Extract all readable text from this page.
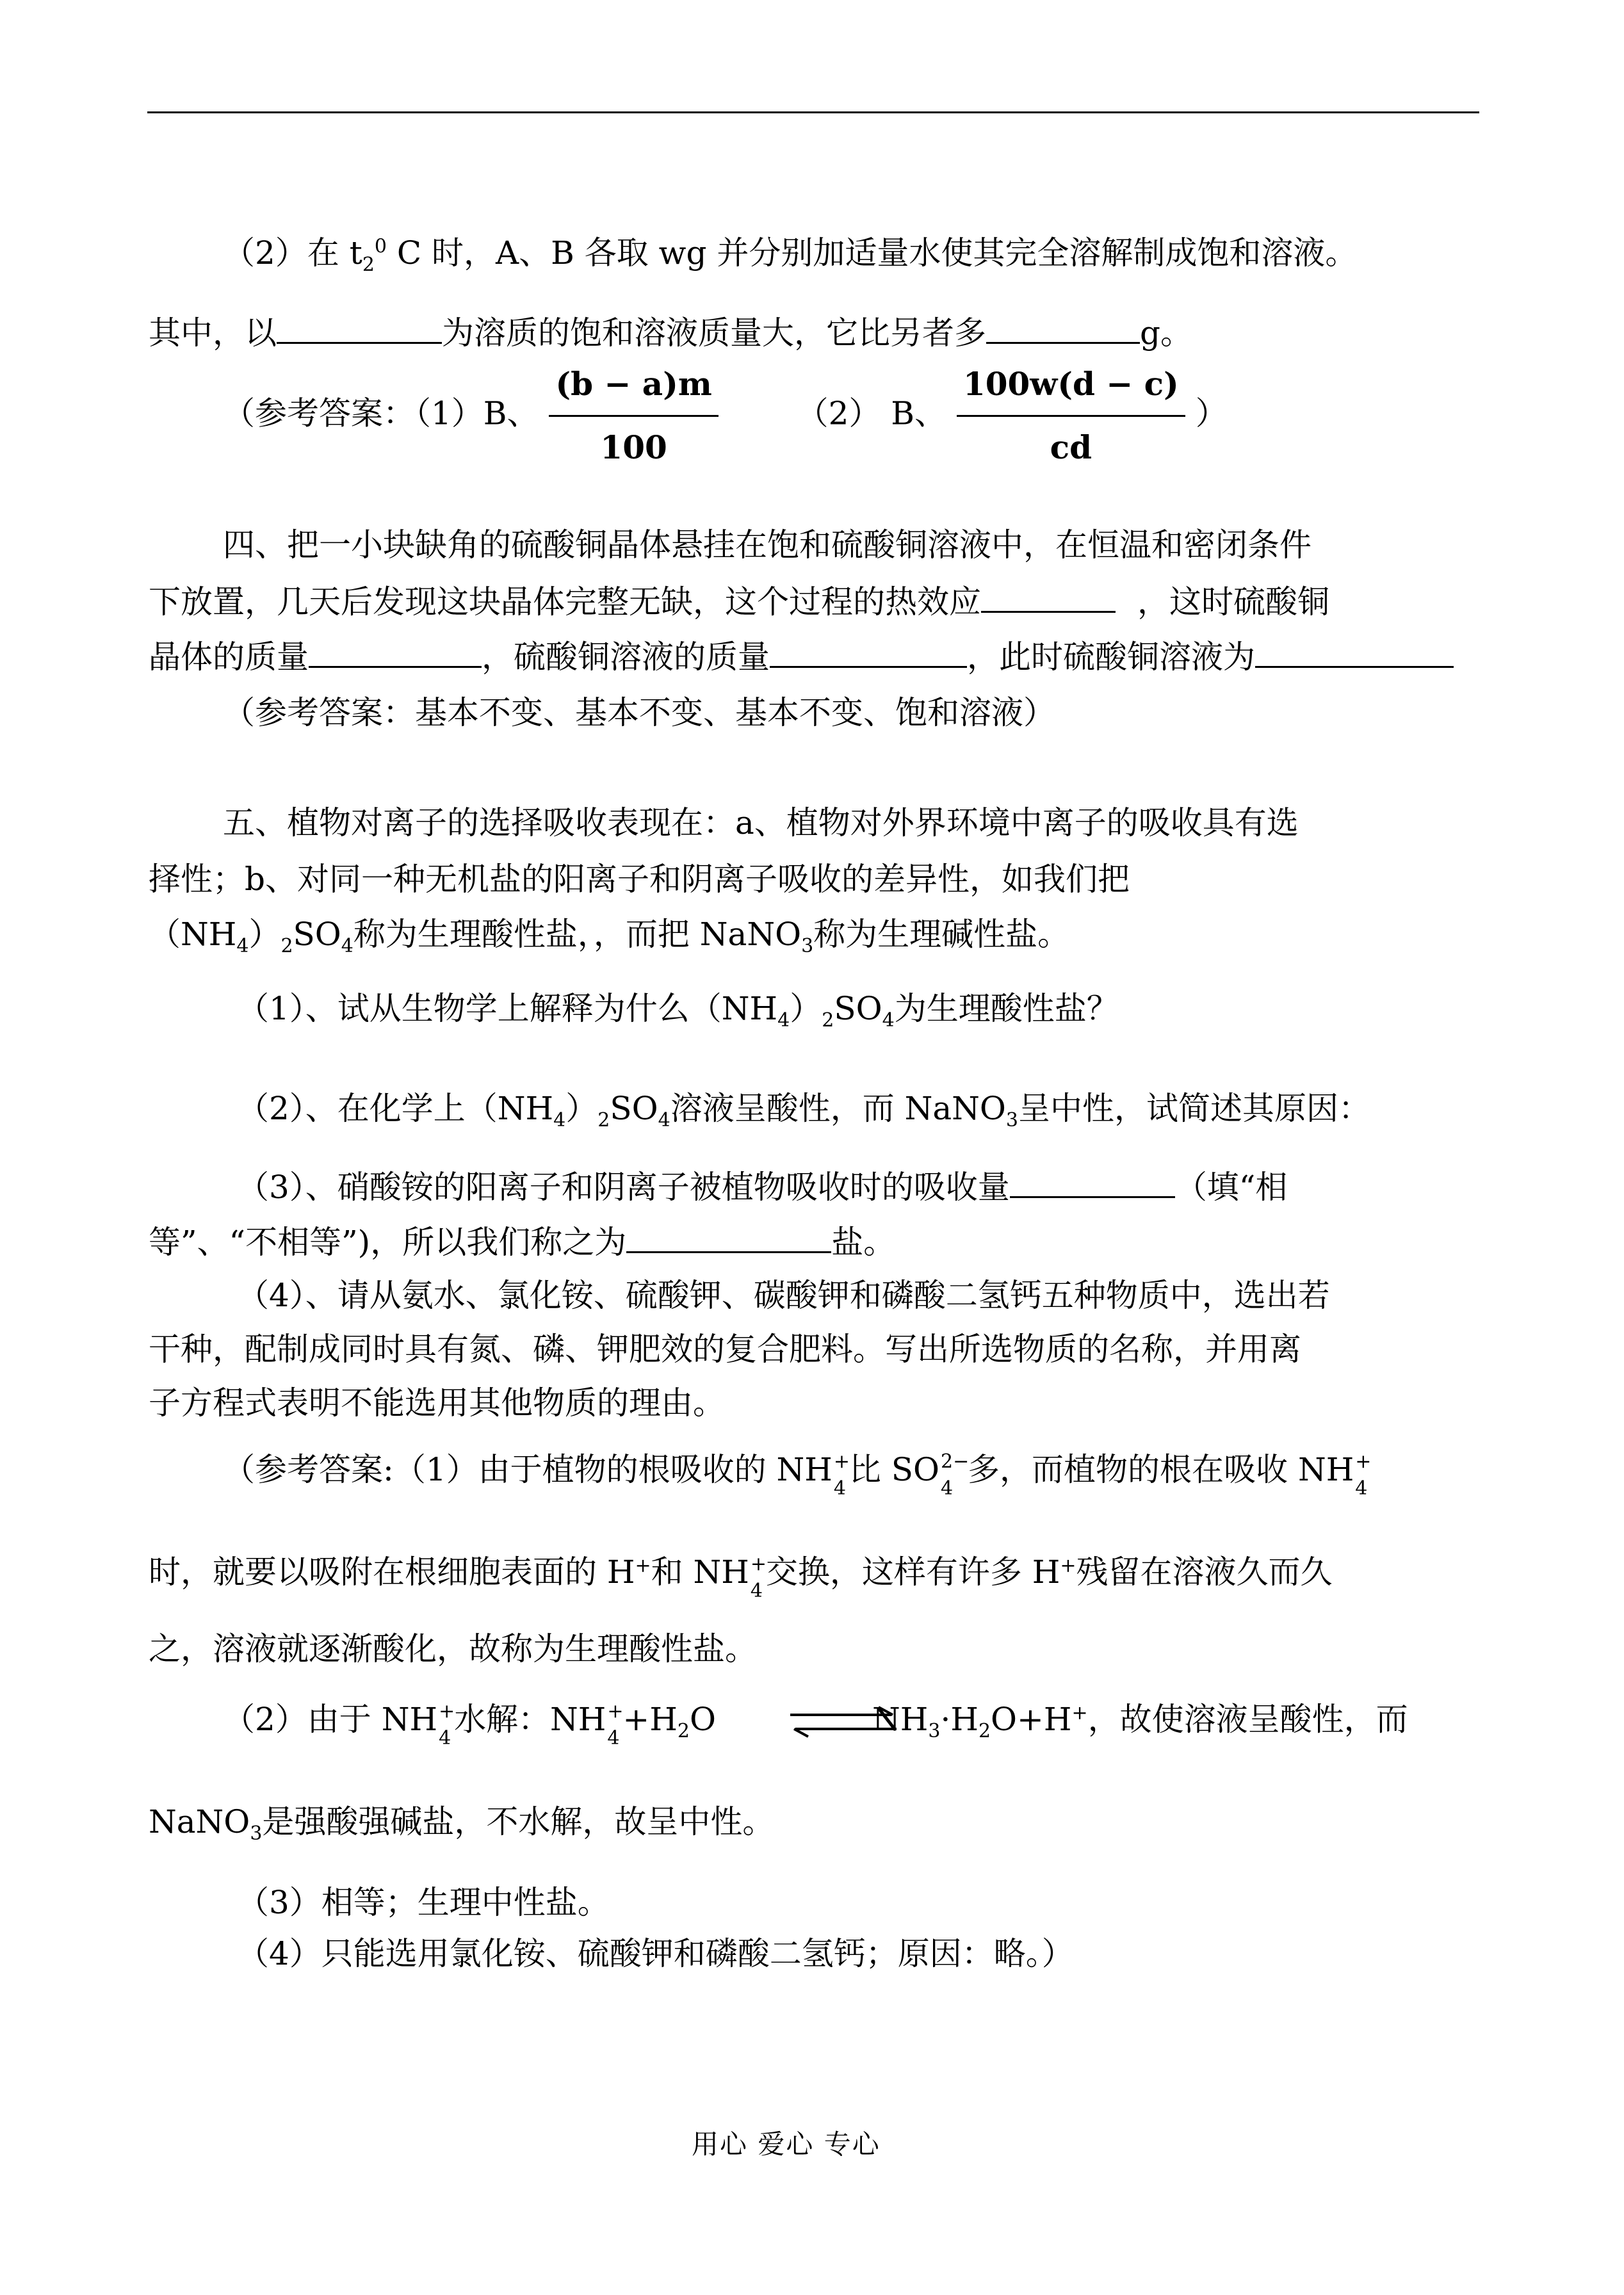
（2）在 $t_2^0$ C 时，A、B 各取 wg 并分别加适量水使其完全溶解制成饱和溶液。
其中，以	为溶质的饱和溶液质量大，它比另者多	g。
（参考答案：（1）B、 $\frac{(b - a)m}{100} (2)$ B、 $\frac{100w(d - c)}{cd}$ ）
四、把一小块缺角的硫酸铜晶体悬挂在饱和硫酸铜溶液中，在恒温和密闭条件
下放置，几天后发现这块晶体完整无缺，这个过程的热效应	，这时硫酸铜
晶体的质量	，硫酸铜溶液的质量	，此时硫酸铜溶液为
（参考答案：基本不变、基本不变、基本不变、饱和溶液）
五、植物对离子的选择吸收表现在：a、植物对外界环境中离子的吸收具有选
择性；b、对同一种无机盐的阳离子和阴离子吸收的差异性，如我们把
$(NH_4)_2SO_4$称为生理酸性盐，，而把 NaNO$_3$称为生理碱性盐。
（1）、试从生物学上解释为什么$(NH_4)_2SO_4$为生理酸性盐？
（2）、在化学上$(NH_4)_2SO_4$溶液呈酸性，而 NaNO$_3$呈中性，试简述其原因：
（3）、硝酸铵的阳离子和阴离子被植物吸收时的吸收量	（填“相
等”、“不相等”)，所以我们称之为	盐。
（4）、请从氨水、氯化铵、硫酸钾、碳酸钾和磷酸二氢钙五种物质中，选出若
干种，配制成同时具有氮、磷、钾肥效的复合肥料。写出所选物质的名称，并用离
子方程式表明不能选用其他物质的理由。
（参考答案:（1）由于植物的根吸收的 NH +
4
比 SO 2−
4
多，而植物的根在吸收 NH +
4
时，就要以吸附在根细胞表面的 H+和 NH +
4
交换，这样有许多 H+残留在溶液久而久
之，溶液就逐渐酸化，故称为生理酸性盐。
（2）由于 NH +
4
水解：NH +
4
$+H_2O$	$NH_3\cdot H_2O+H^+$，故使溶液呈酸性，而
NaNO$_3$是强酸强碱盐，不水解，故呈中性。
（3）相等；生理中性盐。
（4）只能选用氯化铵、硫酸钾和磷酸二氢钙；原因：略。）
用心 爱心 专心
